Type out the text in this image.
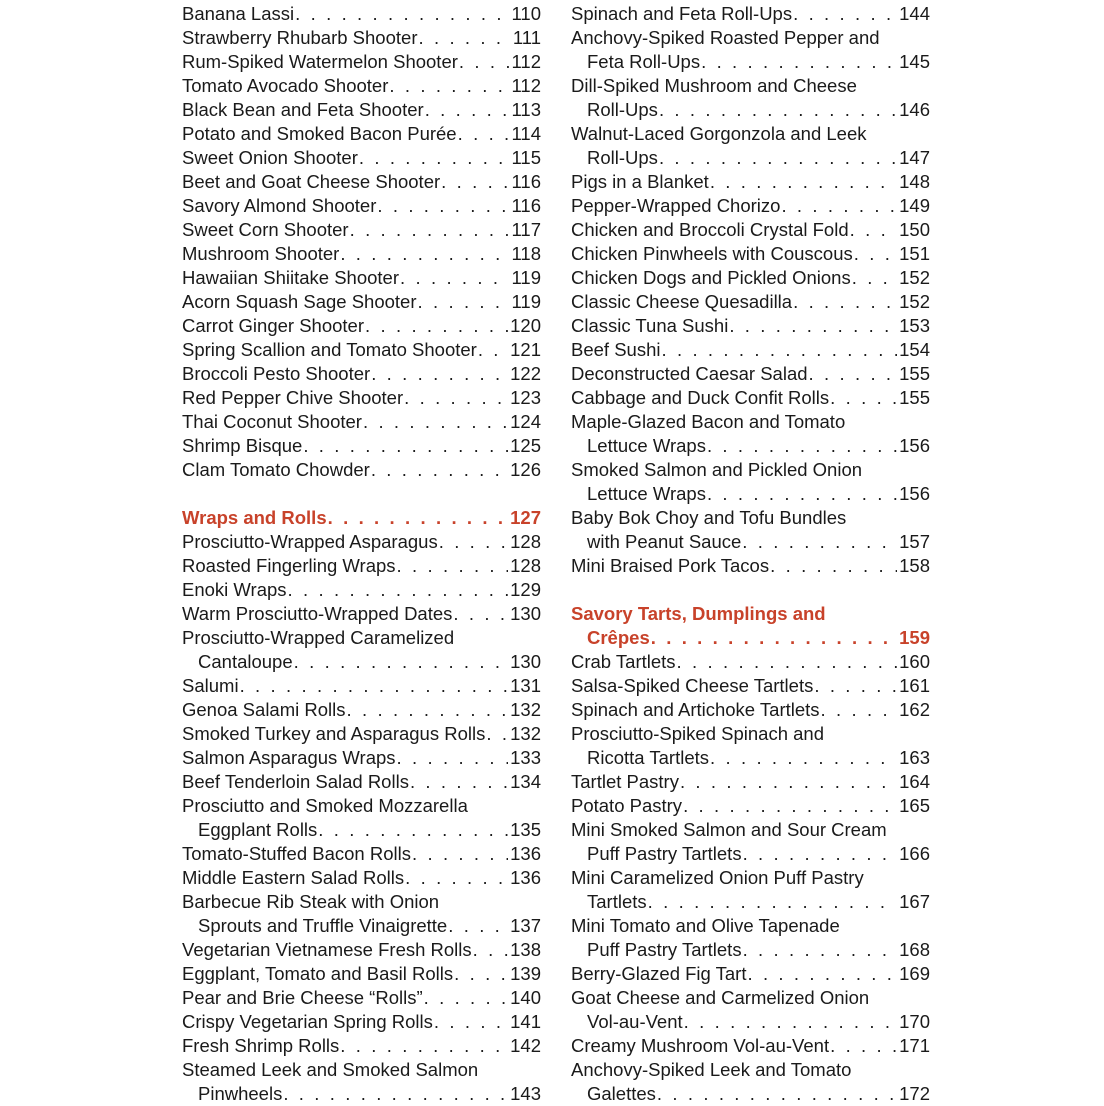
Banana Lassi . . .	110
Strawberry Rhubarb Shooter . . .	111
Rum-Spiked Watermelon Shooter . . .	112
Tomato Avocado Shooter . . .	112
Black Bean and Feta Shooter . . .	113
Potato and Smoked Bacon Purée . . .	114
Sweet Onion Shooter . . .	115
Beet and Goat Cheese Shooter . . .	116
Savory Almond Shooter . . .	116
Sweet Corn Shooter . . .	117
Mushroom Shooter . . .	118
Hawaiian Shiitake Shooter . . .	119
Acorn Squash Sage Shooter . . .	119
Carrot Ginger Shooter . . .	120
Spring Scallion and Tomato Shooter . . . 121
Broccoli Pesto Shooter . . .	122
Red Pepper Chive Shooter . . .	123
Thai Coconut Shooter . . .	124
Shrimp Bisque . . .	125
Clam Tomato Chowder . . .	126
Wraps and Rolls . . .	127
Prosciutto-Wrapped Asparagus . . .	128
Roasted Fingerling Wraps . . .	128
Enoki Wraps . . .	129
Warm Prosciutto-Wrapped Dates . . .	130
Prosciutto-Wrapped Caramelized
Cantaloupe . . .	130
Salumi . . .	131
Genoa Salami Rolls . . .	132
Smoked Turkey and Asparagus Rolls . . . 132
Salmon Asparagus Wraps . . .	133
Beef Tenderloin Salad Rolls . . .	134
Prosciutto and Smoked Mozzarella
Eggplant Rolls . . .	135
Tomato-Stuffed Bacon Rolls . . .	136
Middle Eastern Salad Rolls . . .	136
Barbecue Rib Steak with Onion
Sprouts and Truffle Vinaigrette . . .	137
Vegetarian Vietnamese Fresh Rolls . . . 138
Eggplant, Tomato and Basil Rolls . . .	139
Pear and Brie Cheese “Rolls” . . .	140
Crispy Vegetarian Spring Rolls . . .	141
Fresh Shrimp Rolls . . .	142
Steamed Leek and Smoked Salmon
Pinwheels . . .	143
Spinach and Feta Roll-Ups . . .	144
Anchovy-Spiked Roasted Pepper and
Feta Roll-Ups . . .	145
Dill-Spiked Mushroom and Cheese
Roll-Ups . . .	146
Walnut-Laced Gorgonzola and Leek
Roll-Ups . . .	147
Pigs in a Blanket . . .	148
Pepper-Wrapped Chorizo . . .	149
Chicken and Broccoli Crystal Fold . . .	150
Chicken Pinwheels with Couscous . . .	151
Chicken Dogs and Pickled Onions . . .	152
Classic Cheese Quesadilla . . .	152
Classic Tuna Sushi . . .	153
Beef Sushi . . .	154
Deconstructed Caesar Salad . . .	155
Cabbage and Duck Confit Rolls . . .	155
Maple-Glazed Bacon and Tomato
Lettuce Wraps . . .	156
Smoked Salmon and Pickled Onion
Lettuce Wraps . . .	156
Baby Bok Choy and Tofu Bundles
with Peanut Sauce . . .	157
Mini Braised Pork Tacos . . .	158
Savory Tarts, Dumplings and
Crêpes . . .	159
Crab Tartlets . . .	160
Salsa-Spiked Cheese Tartlets . . .	161
Spinach and Artichoke Tartlets . . .	162
Prosciutto-Spiked Spinach and
Ricotta Tartlets . . .	163
Tartlet Pastry . . .	164
Potato Pastry . . .	165
Mini Smoked Salmon and Sour Cream
Puff Pastry Tartlets . . .	166
Mini Caramelized Onion Puff Pastry
Tartlets . . .	167
Mini Tomato and Olive Tapenade
Puff Pastry Tartlets . . .	168
Berry-Glazed Fig Tart . . .	169
Goat Cheese and Carmelized Onion
Vol-au-Vent . . .	170
Creamy Mushroom Vol-au-Vent . . .	171
Anchovy-Spiked Leek and Tomato
Galettes . . .	172
